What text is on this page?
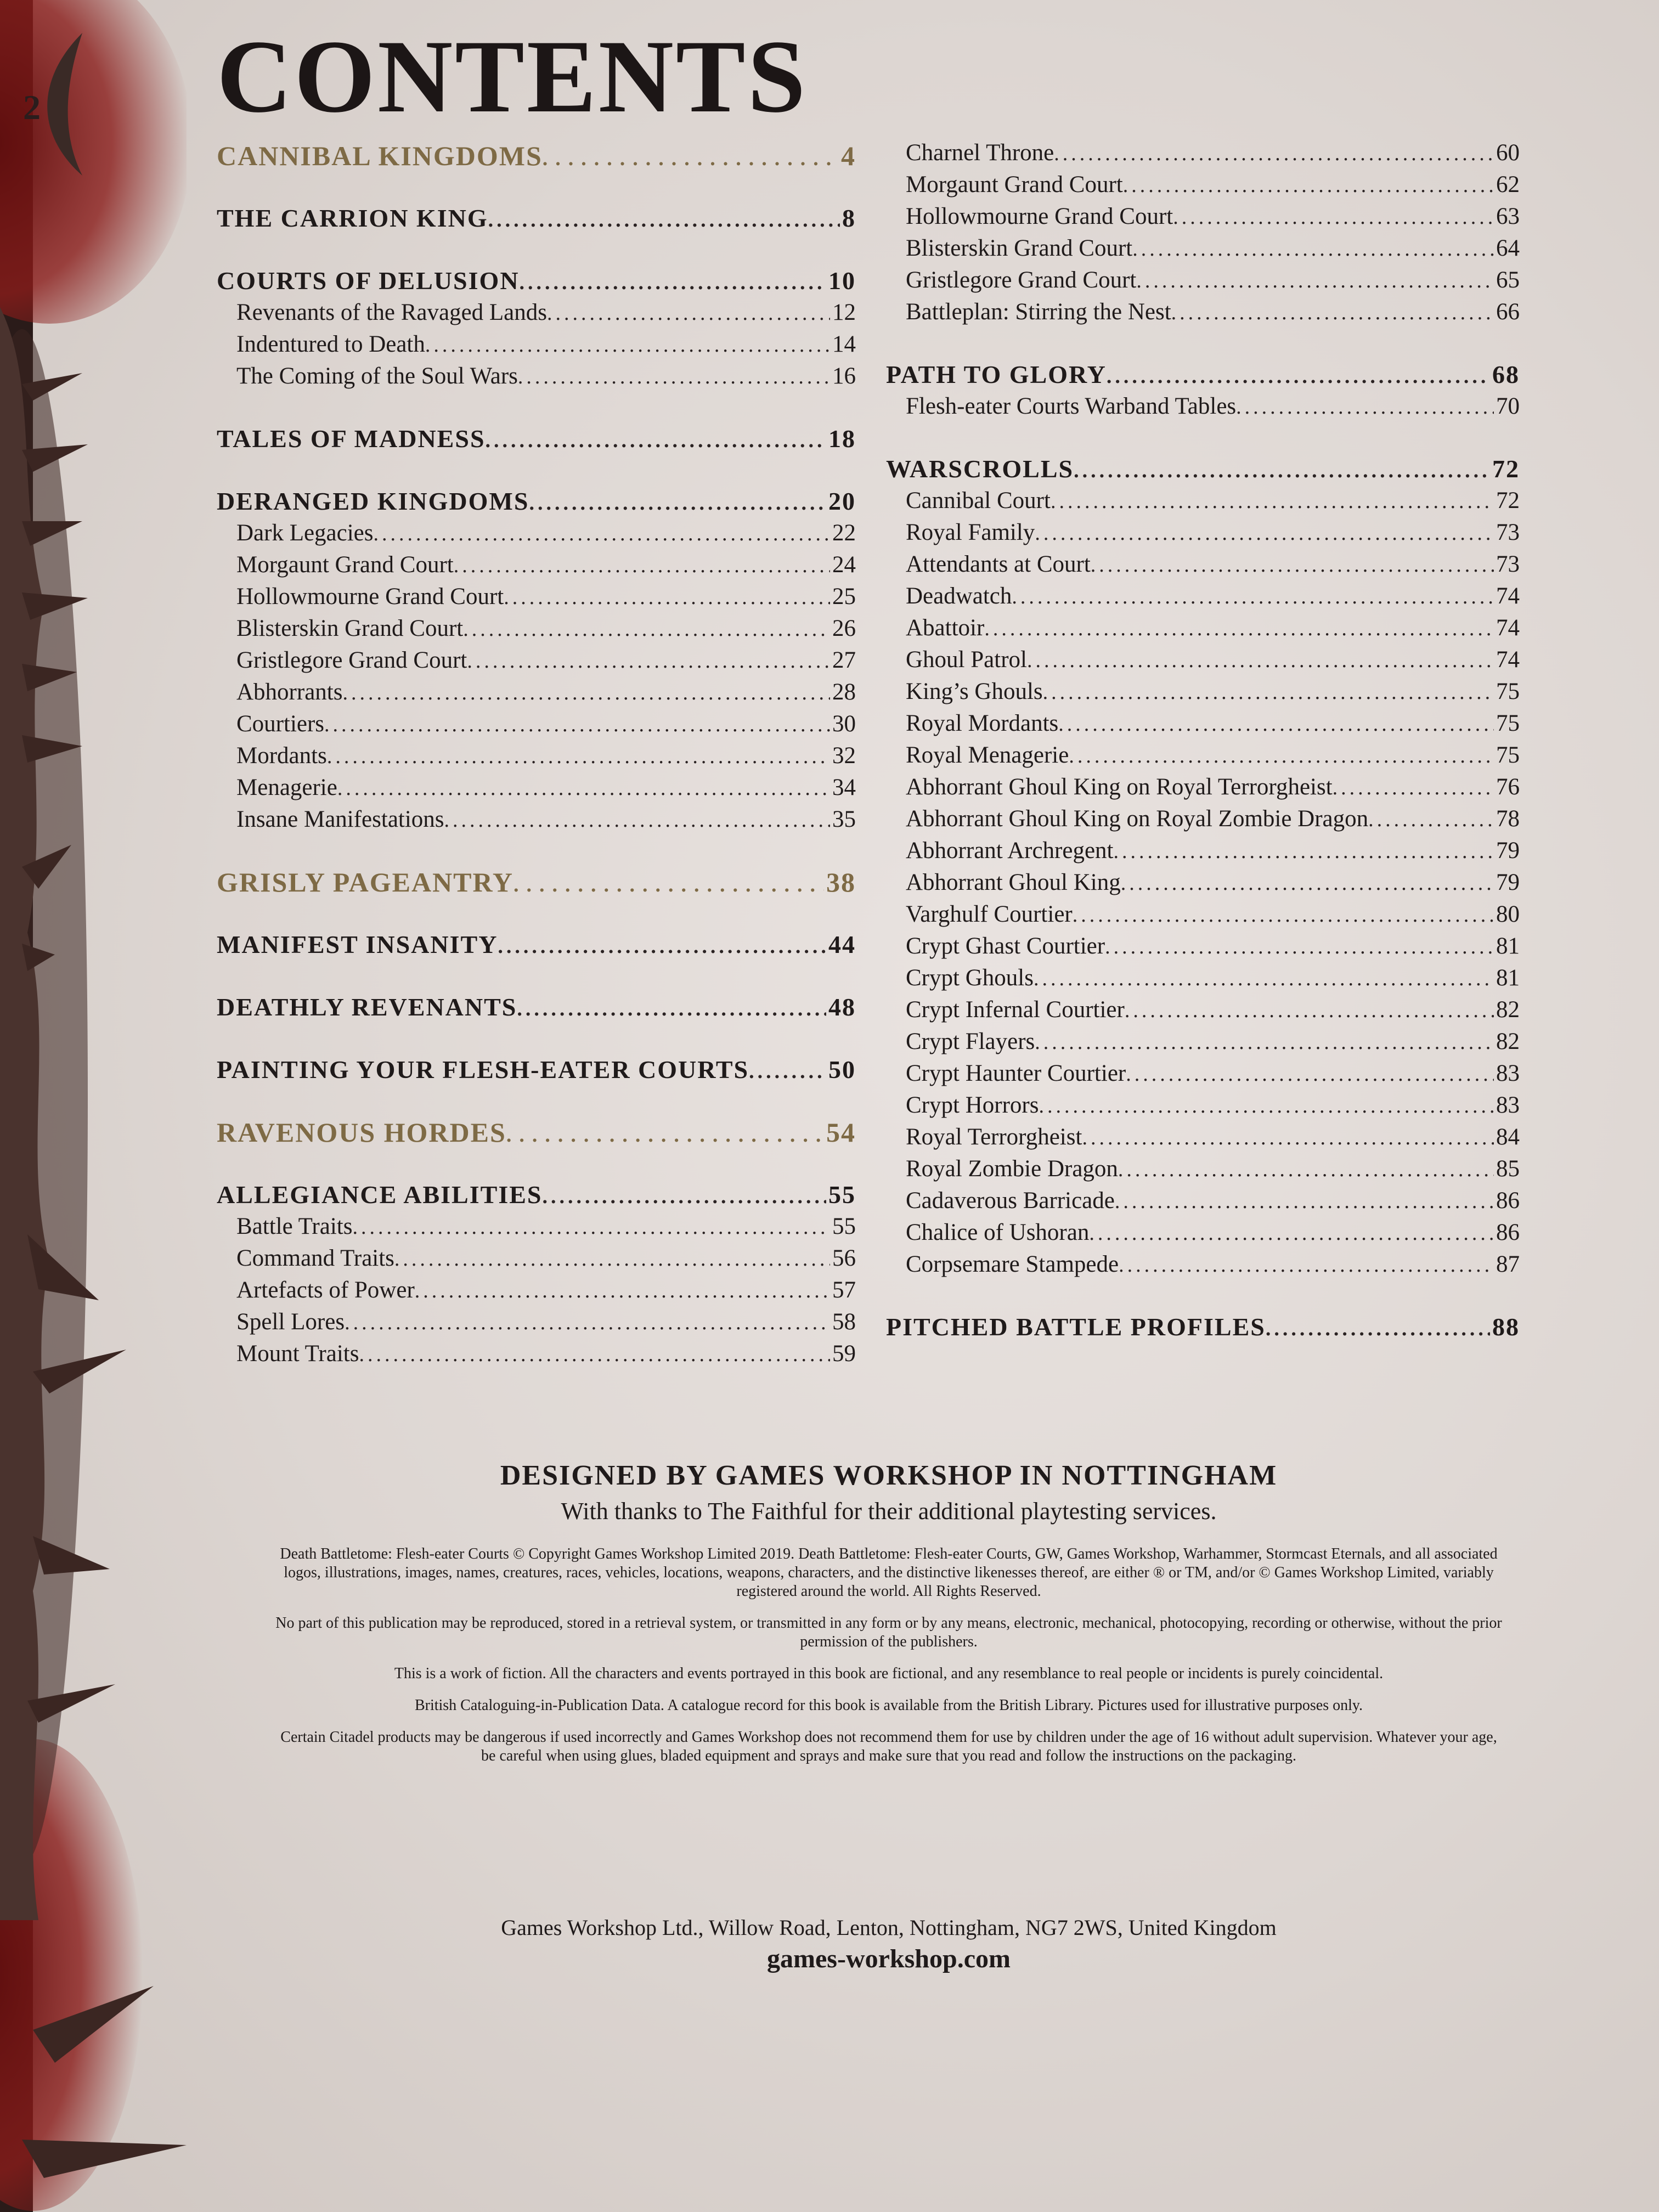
2 CONTENTS
CANNIBAL KINGDOMS .....	4
THE CARRION KING .....	8
COURTS OF DELUSION .....	10
Revenants of the Ravaged Lands .....	12
Indentured to Death .....	14
The Coming of the Soul Wars .....	16
TALES OF MADNESS .....	18
DERANGED KINGDOMS .....	20
Dark Legacies .....	22
Morgaunt Grand Court .....	24
Hollowmourne Grand Court .....	25
Blisterskin Grand Court .....	26
Gristlegore Grand Court .....	27
Abhorrants .....	28
Courtiers .....	30
Mordants .....	32
Menagerie .....	34
Insane Manifestations .....	35
GRISLY PAGEANTRY .....	38
MANIFEST INSANITY .....	44
DEATHLY REVENANTS .....	48
PAINTING YOUR FLESH-EATER COURTS .....	50
RAVENOUS HORDES .....	54
ALLEGIANCE ABILITIES .....	55
Battle Traits .....	55
Command Traits .....	56
Artefacts of Power .....	57
Spell Lores .....	58
Mount Traits .....	59
Charnel Throne .....	60
Morgaunt Grand Court .....	62
Hollowmourne Grand Court .....	63
Blisterskin Grand Court .....	64
Gristlegore Grand Court .....	65
Battleplan: Stirring the Nest .....	66
PATH TO GLORY .....	68
Flesh-eater Courts Warband Tables .....	70
WARSCROLLS .....	72
Cannibal Court .....	72
Royal Family .....	73
Attendants at Court .....	73
Deadwatch .....	74
Abattoir .....	74
Ghoul Patrol .....	74
King’s Ghouls .....	75
Royal Mordants .....	75
Royal Menagerie .....	75
Abhorrant Ghoul King on Royal Terrorgheist .....	76
Abhorrant Ghoul King on Royal Zombie Dragon .....	78
Abhorrant Archregent .....	79
Abhorrant Ghoul King .....	79
Varghulf Courtier .....	80
Crypt Ghast Courtier .....	81
Crypt Ghouls .....	81
Crypt Infernal Courtier .....	82
Crypt Flayers .....	82
Crypt Haunter Courtier .....	83
Crypt Horrors .....	83
Royal Terrorgheist .....	84
Royal Zombie Dragon .....	85
Cadaverous Barricade .....	86
Chalice of Ushoran .....	86
Corpsemare Stampede .....	87
PITCHED BATTLE PROFILES .....	88

DESIGNED BY GAMES WORKSHOP IN NOTTINGHAM

With thanks to The Faithful for their additional playtesting services.

Death Battletome: Flesh-eater Courts © Copyright Games Workshop Limited 2019. Death Battletome: Flesh-eater Courts, GW, Games Workshop, Warhammer, Stormcast Eternals, and all associated logos, illustrations, images, names, creatures, races, vehicles, locations, weapons, characters, and the distinctive likenesses thereof, are either ® or TM, and/or © Games Workshop Limited, variably registered around the world. All Rights Reserved.

No part of this publication may be reproduced, stored in a retrieval system, or transmitted in any form or by any means, electronic, mechanical, photocopying, recording or otherwise, without the prior permission of the publishers.

This is a work of fiction. All the characters and events portrayed in this book are fictional, and any resemblance to real people or incidents is purely coincidental.

British Cataloguing-in-Publication Data. A catalogue record for this book is available from the British Library. Pictures used for illustrative purposes only.

Certain Citadel products may be dangerous if used incorrectly and Games Workshop does not recommend them for use by children under the age of 16 without adult supervision. Whatever your age, be careful when using glues, bladed equipment and sprays and make sure that you read and follow the instructions on the packaging.

Games Workshop Ltd., Willow Road, Lenton, Nottingham, NG7 2WS, United Kingdom

games-workshop.com
